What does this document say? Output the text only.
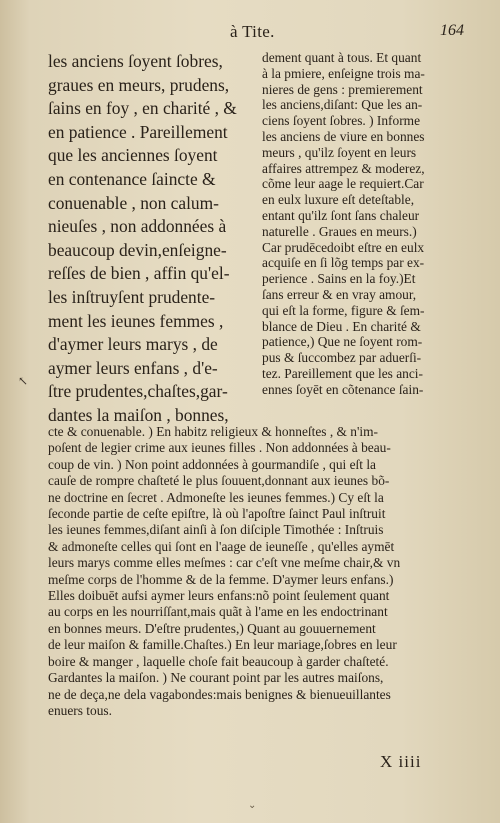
à Tite.	164
les anciens ſoyent ſobres,
graues en meurs, prudens,
ſains en foy , en charité , &
en patience . Pareillement
que les anciennes ſoyent
en contenance ſaincte &
conuenable , non calum-
nieuſes , non addonnées à
beaucoup devin,enſeigne-
reſſes de bien , affin qu'el-
les inſtruyſent prudente-
ment les ieunes femmes ,
d'aymer leurs marys , de
aymer leurs enfans , d'e-
ſtre prudentes,chaſtes,gar-
dantes la maiſon , bonnes,
dement quant à tous. Et quant
à la pmiere, enſeigne trois ma-
nieres de gens : premierement
les anciens,diſant: Que les an-
ciens ſoyent ſobres. ) Informe
les anciens de viure en bonnes
meurs , qu'ilz ſoyent en leurs
affaires attrempez & moderez,
cõme leur aage le requiert.Car
en eulx luxure eſt deteſtable,
entant qu'ilz ſont ſans chaleur
naturelle . Graues en meurs.)
Car prudēcedoibt eſtre en eulx
acquiſe en ſi lõg temps par ex-
perience . Sains en la foy.)Et
ſans erreur & en vray amour,
qui eſt la forme, figure & ſem-
blance de Dieu . En charité &
patience,) Que ne ſoyent rom-
pus & ſuccombez par aduerſi-
tez. Pareillement que les anci-
ennes ſoyēt en cõtenance ſain-
↖
cte & conuenable. ) En habitz religieux & honneſtes , & n'im-
poſent de legier crime aux ieunes filles . Non addonnées à beau-
coup de vin. ) Non point addonnées à gourmandiſe , qui eſt la
cauſe de rompre chaſteté le plus ſouuent,donnant aux ieunes bõ-
ne doctrine en ſecret . Admoneſte les ieunes femmes.) Cy eſt la
ſeconde partie de ceſte epiſtre, là où l'apoſtre ſainct Paul inſtruit
les ieunes femmes,diſant ainſi à ſon diſciple Timothée : Inſtruis
& admoneſte celles qui ſont en l'aage de ieuneſſe , qu'elles aymēt
leurs marys comme elles meſmes : car c'eſt vne meſme chair,& vn
meſme corps de l'homme & de la femme. D'aymer leurs enfans.)
Elles doibuēt aufsi aymer leurs enfans:nõ point ſeulement quant
au corps en les nourriſſant,mais quãt à l'ame en les endoctrinant
en bonnes meurs. D'eſtre prudentes,) Quant au gouuernement
de leur maiſon & famille.Chaſtes.) En leur mariage,ſobres en leur
boire & manger , laquelle choſe fait beaucoup à garder chaſteté.
Gardantes la maiſon. ) Ne courant point par les autres maiſons,
ne de deça,ne dela vagabondes:mais benignes & bienueuillantes
enuers tous.
X iiii
⌄
